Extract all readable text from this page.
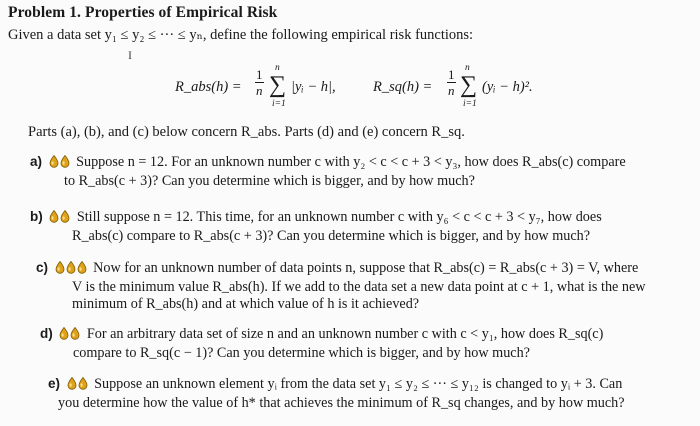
Problem 1. Properties of Empirical Risk
Given a data set y₁ ≤ y₂ ≤ ··· ≤ yₙ, define the following empirical risk functions:
I
R_abs(h) = $\frac{1}{n}$ n
∑
i=1
|yᵢ − h|,	R_sq(h) = $\frac{1}{n}$ n
∑
i=1
(yᵢ − h)².
Parts (a), (b), and (c) below concern R_abs. Parts (d) and (e) concern R_sq.
a) Suppose n = 12. For an unknown number c with y₂ < c < c + 3 < y₃, how does R_abs(c) compare
to R_abs(c + 3)? Can you determine which is bigger, and by how much?
b) Still suppose n = 12. This time, for an unknown number c with y₆ < c < c + 3 < y₇, how does
R_abs(c) compare to R_abs(c + 3)? Can you determine which is bigger, and by how much?
c)	Now for an unknown number of data points n, suppose that R_abs(c) = R_abs(c + 3) = V, where
V is the minimum value R_abs(h). If we add to the data set a new data point at c + 1, what is the new
minimum of R_abs(h) and at which value of h is it achieved?
d) For an arbitrary data set of size n and an unknown number c with c < y₁, how does R_sq(c)
compare to R_sq(c − 1)? Can you determine which is bigger, and by how much?
e) Suppose an unknown element yᵢ from the data set y₁ ≤ y₂ ≤ ··· ≤ y₁₂ is changed to yᵢ + 3. Can
you determine how the value of h* that achieves the minimum of R_sq changes, and by how much?
